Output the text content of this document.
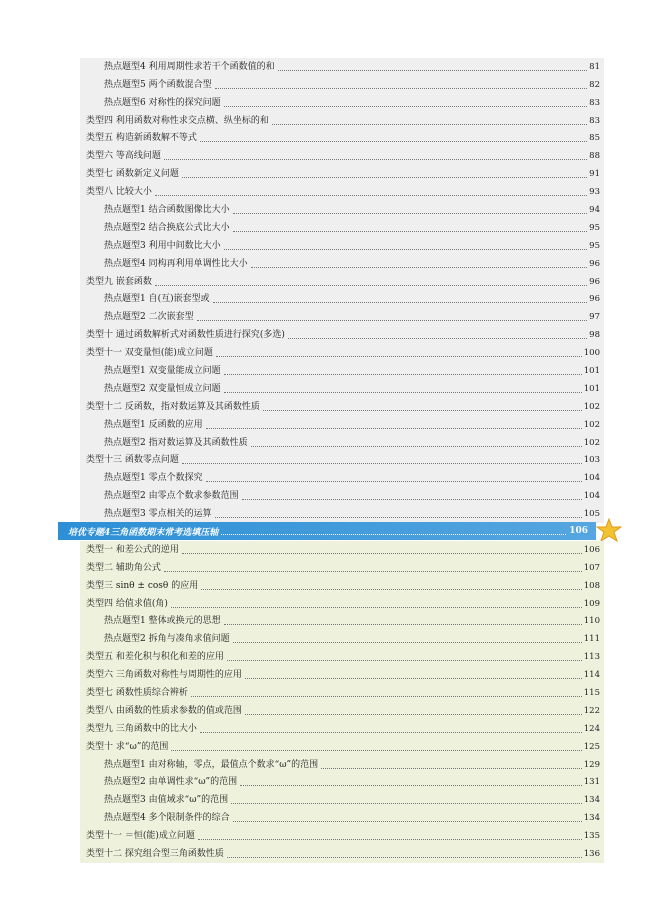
热点题型4 利用周期性求若干个函数值的和	81
热点题型5 两个函数混合型	82
热点题型6 对称性的探究问题	83
类型四 利用函数对称性求交点横、纵坐标的和	83
类型五 构造新函数解不等式	85
类型六 等高线问题	88
类型七 函数新定义问题	91
类型八 比较大小	93
热点题型1 结合函数图像比大小	94
热点题型2 结合换底公式比大小	95
热点题型3 利用中间数比大小	95
热点题型4 同构再利用单调性比大小	96
类型九 嵌套函数	96
热点题型1 自(互)嵌套型或	96
热点题型2 二次嵌套型	97
类型十 通过函数解析式对函数性质进行探究(多选)	98
类型十一 双变量恒(能)成立问题	100
热点题型1 双变量能成立问题	101
热点题型2 双变量恒成立问题	101
类型十二 反函数，指对数运算及其函数性质	102
热点题型1 反函数的应用	102
热点题型2 指对数运算及其函数性质	102
类型十三 函数零点问题	103
热点题型1 零点个数探究	104
热点题型2 由零点个数求参数范围	104
热点题型3 零点相关的运算	105
培优专题4三角函数期末常考选填压轴	106
类型一 和差公式的逆用	106
类型二 辅助角公式	107
类型三 sinθ ± cosθ 的应用	108
类型四 给值求值(角)	109
热点题型1 整体或换元的思想	110
热点题型2 拆角与凑角求值问题	111
类型五 和差化积与积化和差的应用	113
类型六 三角函数对称性与周期性的应用	114
类型七 函数性质综合辨析	115
类型八 由函数的性质求参数的值或范围	122
类型九 三角函数中的比大小	124
类型十 求“ω”的范围	125
热点题型1 由对称轴，零点，最值点个数求“ω”的范围	129
热点题型2 由单调性求“ω”的范围	131
热点题型3 由值域求“ω”的范围	134
热点题型4 多个限制条件的综合	134
类型十一 ＝恒(能)成立问题	135
类型十二 探究组合型三角函数性质	136
